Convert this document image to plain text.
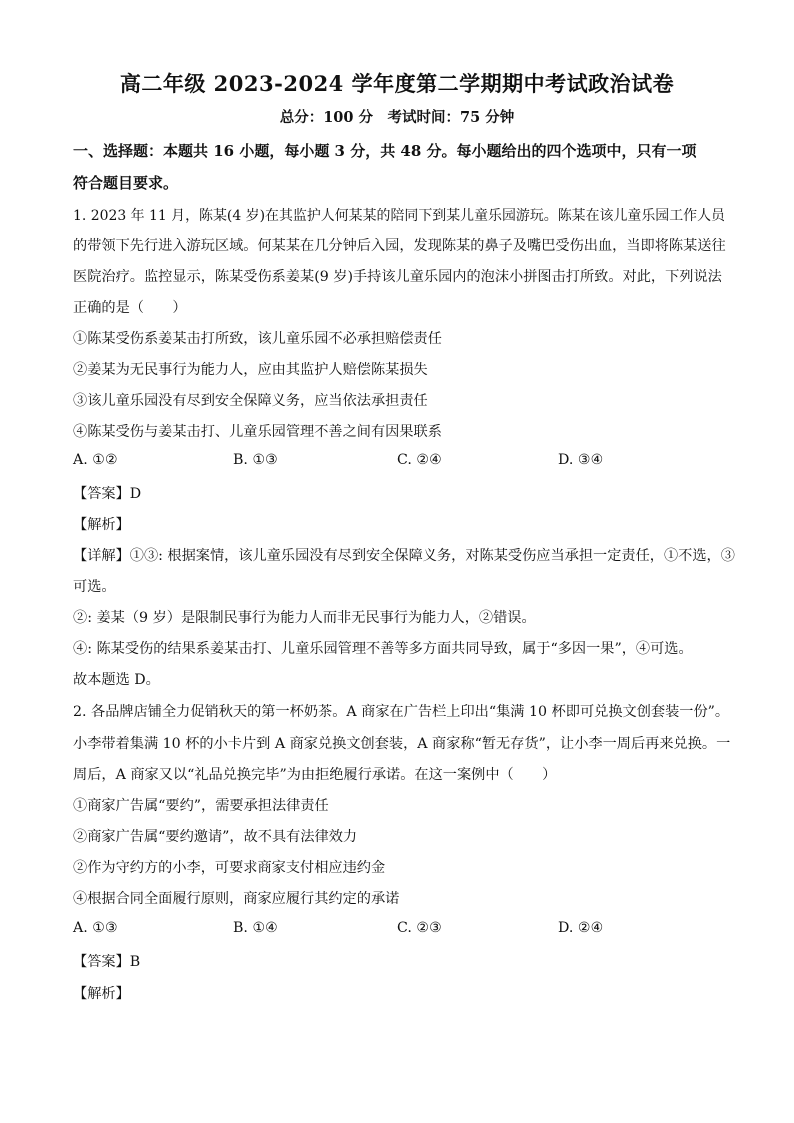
高二年级 2023-2024 学年度第二学期期中考试政治试卷
总分：100 分　考试时间：75 分钟
一、选择题：本题共 16 小题，每小题 3 分，共 48 分。每小题给出的四个选项中，只有一项
符合题目要求。
1. 2023 年 11 月，陈某(4 岁)在其监护人何某某的陪同下到某儿童乐园游玩。陈某在该儿童乐园工作人员
的带领下先行进入游玩区域。何某某在几分钟后入园，发现陈某的鼻子及嘴巴受伤出血，当即将陈某送往
医院治疗。监控显示，陈某受伤系姜某(9 岁)手持该儿童乐园内的泡沫小拼图击打所致。对此，下列说法
正确的是（　　）
①陈某受伤系姜某击打所致，该儿童乐园不必承担赔偿责任
②姜某为无民事行为能力人，应由其监护人赔偿陈某损失
③该儿童乐园没有尽到安全保障义务，应当依法承担责任
④陈某受伤与姜某击打、儿童乐园管理不善之间有因果联系
A. ①②	B. ①③	C. ②④	D. ③④
【答案】D
【解析】
【详解】①③: 根据案情，该儿童乐园没有尽到安全保障义务，对陈某受伤应当承担一定责任，①不选，③
可选。
②: 姜某（9 岁）是限制民事行为能力人而非无民事行为能力人，②错误。
④: 陈某受伤的结果系姜某击打、儿童乐园管理不善等多方面共同导致，属于“多因一果”，④可选。
故本题选 D。
2. 各品牌店铺全力促销秋天的第一杯奶茶。A 商家在广告栏上印出“集满 10 杯即可兑换文创套装一份”。
小李带着集满 10 杯的小卡片到 A 商家兑换文创套装，A 商家称“暂无存货”，让小李一周后再来兑换。一
周后，A 商家又以“礼品兑换完毕”为由拒绝履行承诺。在这一案例中（　　）
①商家广告属“要约”，需要承担法律责任
②商家广告属“要约邀请”，故不具有法律效力
②作为守约方的小李，可要求商家支付相应违约金
④根据合同全面履行原则，商家应履行其约定的承诺
A. ①③	B. ①④	C. ②③	D. ②④
【答案】B
【解析】
